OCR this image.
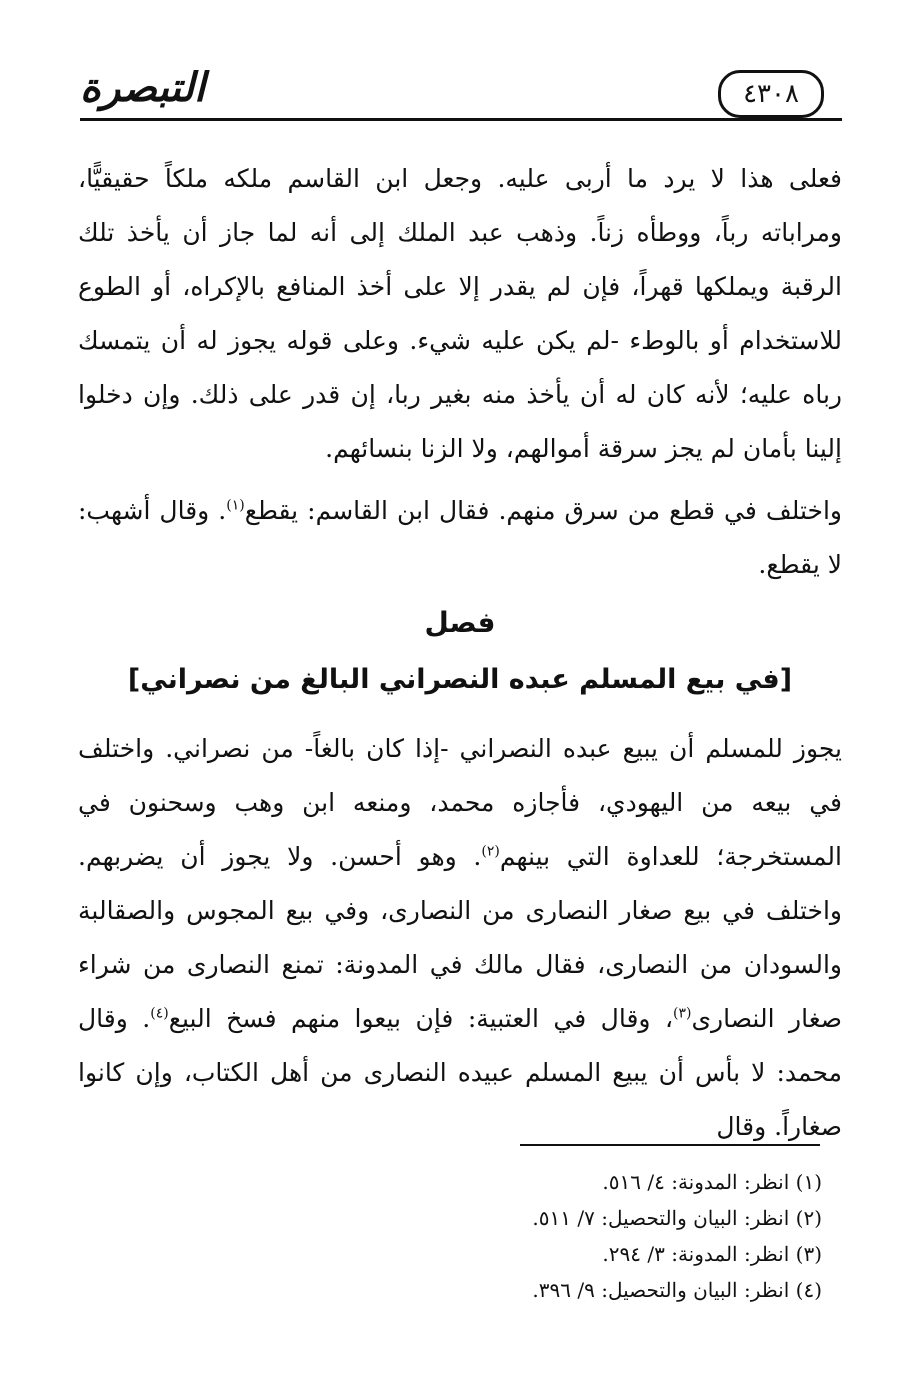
التبصرة	٤٣٠٨
فعلى هذا لا يرد ما أربى عليه. وجعل ابن القاسم ملكه ملكاً حقيقيًّا، ومراباته رباً، ووطأه زناً. وذهب عبد الملك إلى أنه لما جاز أن يأخذ تلك الرقبة ويملكها قهراً، فإن لم يقدر إلا على أخذ المنافع بالإكراه، أو الطوع للاستخدام أو بالوطء -لم يكن عليه شيء. وعلى قوله يجوز له أن يتمسك رباه عليه؛ لأنه كان له أن يأخذ منه بغير ربا، إن قدر على ذلك. وإن دخلوا إلينا بأمان لم يجز سرقة أموالهم، ولا الزنا بنسائهم.
واختلف في قطع من سرق منهم. فقال ابن القاسم: يقطع$^{(١)}$. وقال أشهب: لا يقطع.
فصل
[في بيع المسلم عبده النصراني البالغ من نصراني]
يجوز للمسلم أن يبيع عبده النصراني -إذا كان بالغاً- من نصراني. واختلف في بيعه من اليهودي، فأجازه محمد، ومنعه ابن وهب وسحنون في المستخرجة؛ للعداوة التي بينهم$^{(٢)}$. وهو أحسن. ولا يجوز أن يضربهم. واختلف في بيع صغار النصارى من النصارى، وفي بيع المجوس والصقالبة والسودان من النصارى، فقال مالك في المدونة: تمنع النصارى من شراء صغار النصارى$^{(٣)}$، وقال في العتبية: فإن بيعوا منهم فسخ البيع$^{(٤)}$. وقال محمد: لا بأس أن يبيع المسلم عبيده النصارى من أهل الكتاب، وإن كانوا صغاراً. وقال
(١) انظر: المدونة: ٤/ ٥١٦.
(٢) انظر: البيان والتحصيل: ٧/ ٥١١.
(٣) انظر: المدونة: ٣/ ٢٩٤.
(٤) انظر: البيان والتحصيل: ٩/ ٣٩٦.
